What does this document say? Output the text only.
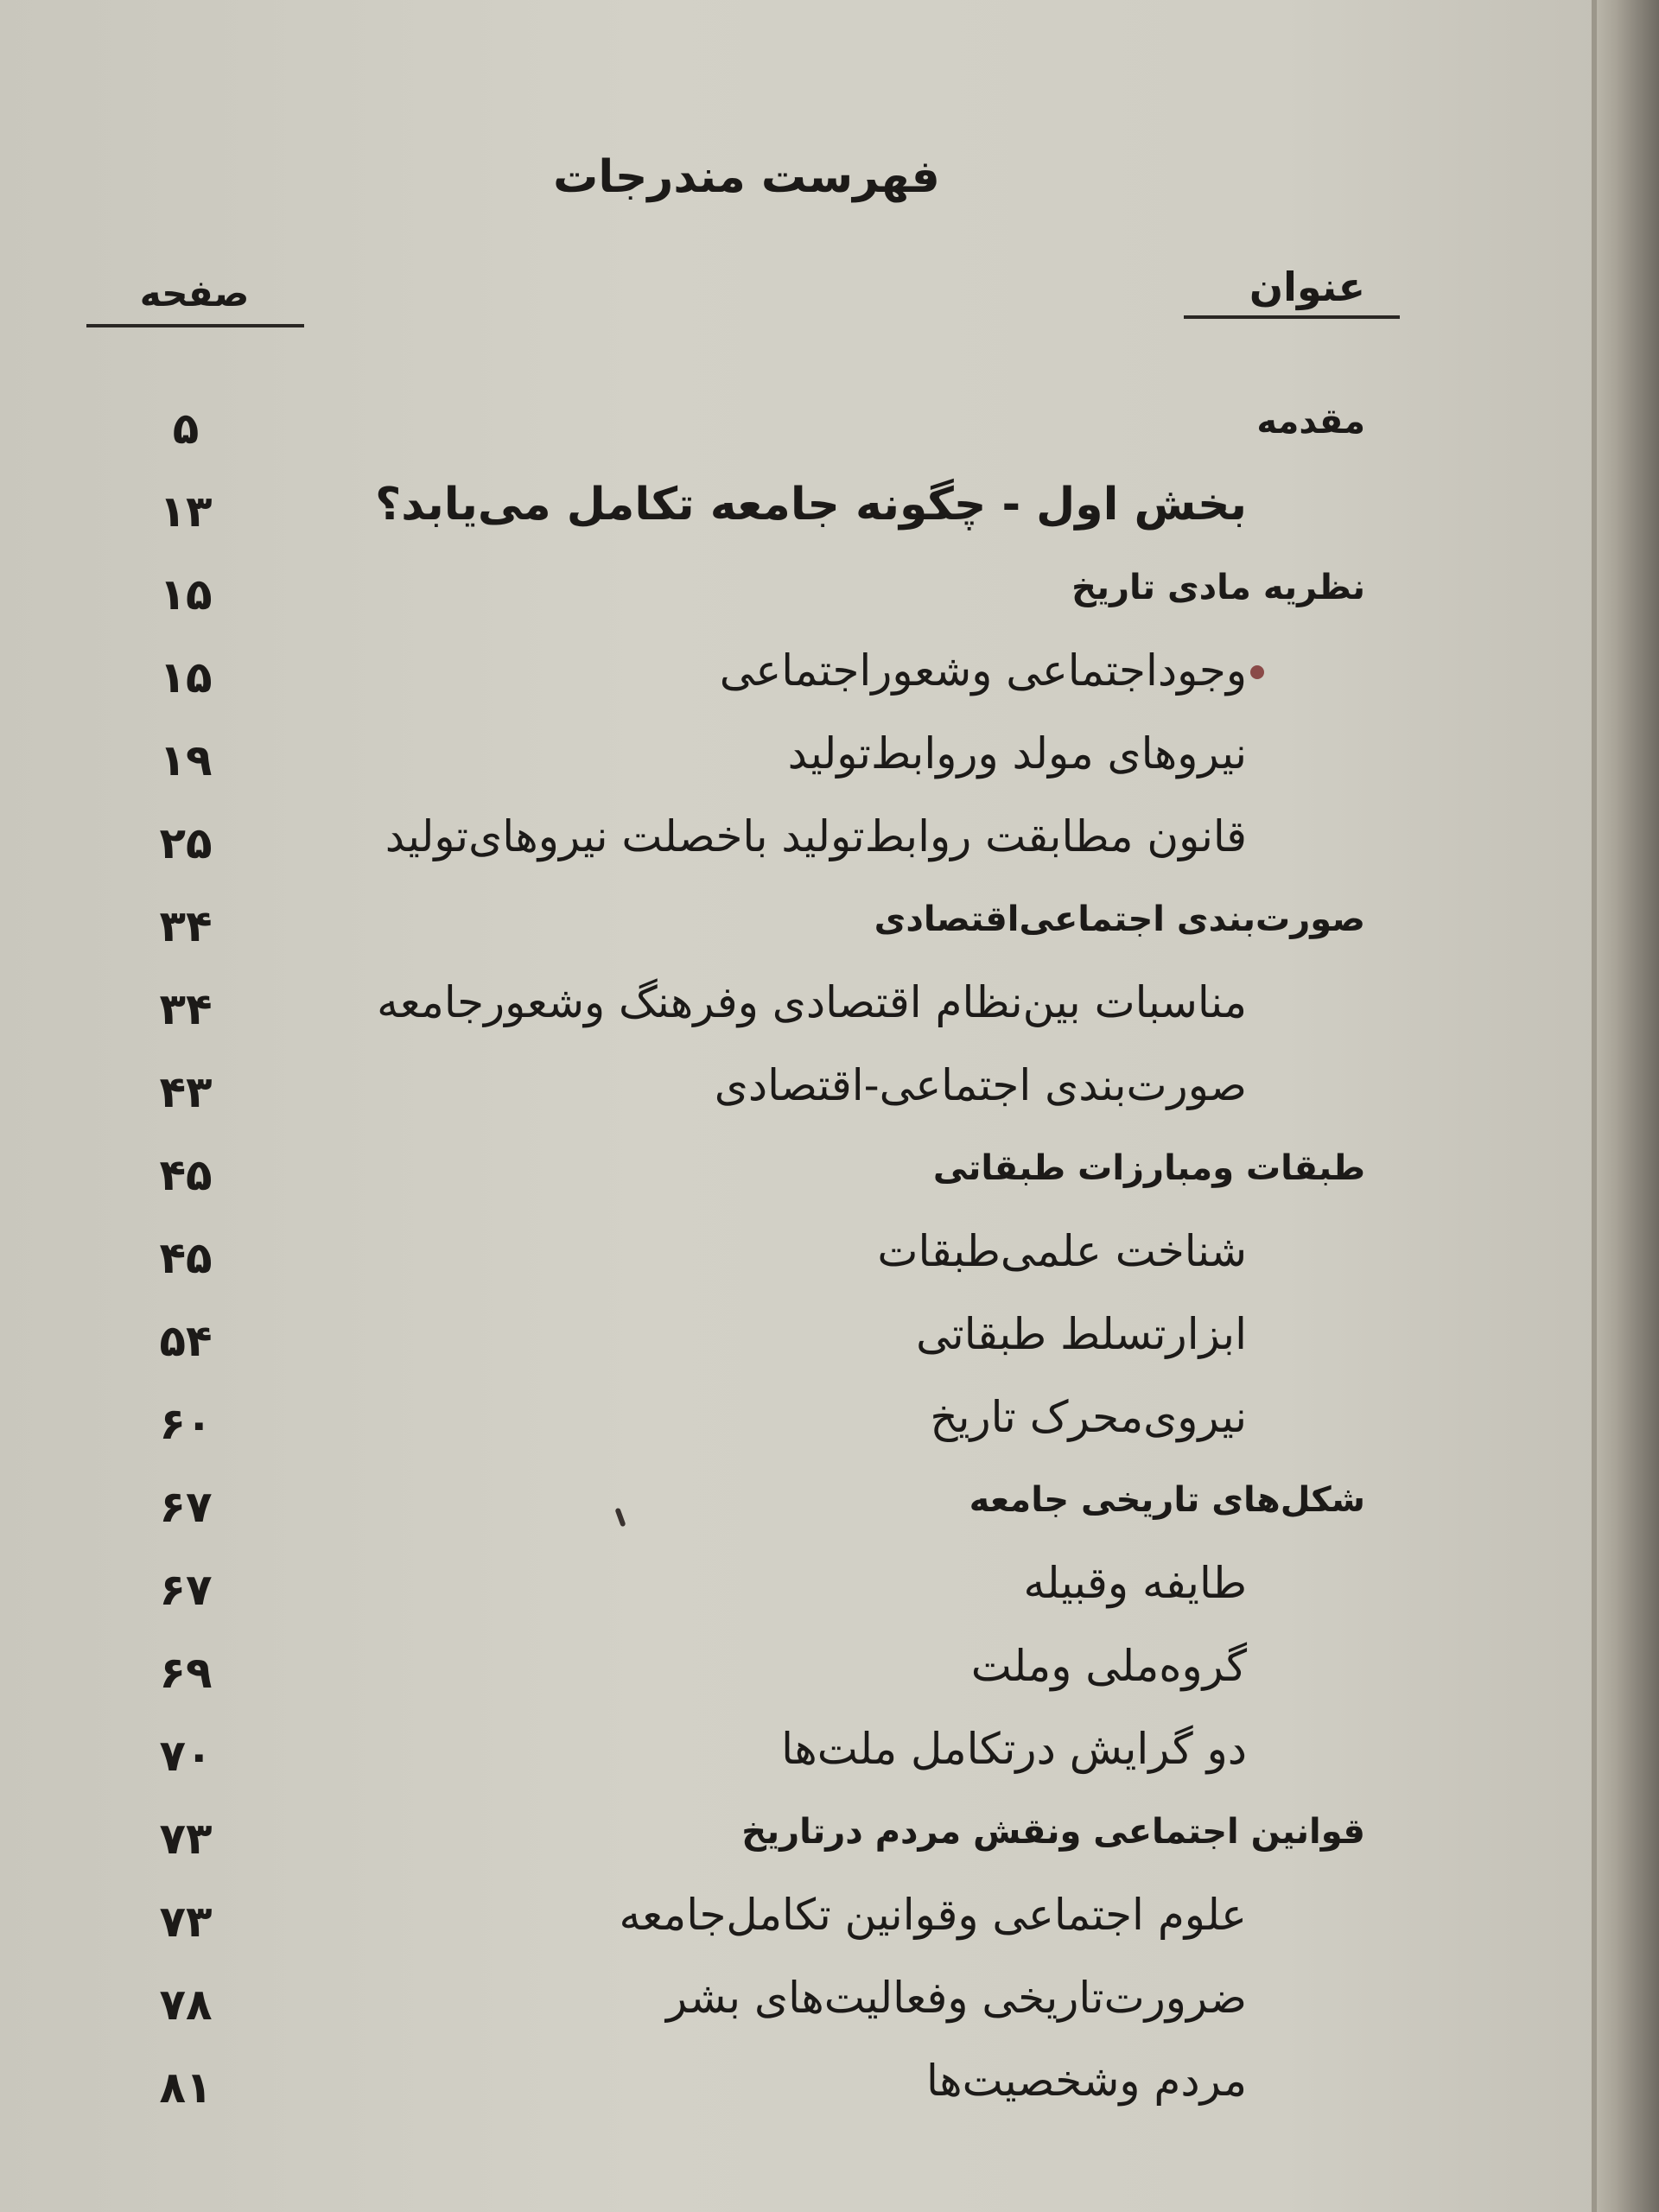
فهرست مندرجات
عنوان
صفحه
مقدمه
۵
بخش اول - چگونه جامعه تکامل می‌یابد؟
۱۳
نظریه مادی تاریخ
۱۵
وجوداجتماعی وشعوراجتماعی
۱۵
نیروهای مولد وروابط‌تولید
۱۹
قانون مطابقت روابط‌تولید باخصلت نیروهای‌تولید
۲۵
صورت‌بندی اجتماعی‌اقتصادی
۳۴
مناسبات بین‌نظام اقتصادی وفرهنگ وشعورجامعه
۳۴
صورت‌بندی اجتماعی-اقتصادی
۴۳
طبقات ومبارزات طبقاتی
۴۵
شناخت علمی‌طبقات
۴۵
ابزارتسلط طبقاتی
۵۴
نیروی‌محرک تاریخ
۶۰
شکل‌های تاریخی جامعه
۶۷
طایفه وقبیله
۶۷
گروه‌ملی وملت
۶۹
دو گرایش درتکامل ملت‌ها
۷۰
قوانین اجتماعی ونقش مردم درتاریخ
۷۳
علوم اجتماعی وقوانین تکامل‌جامعه
۷۳
ضرورت‌تاریخی وفعالیت‌های بشر
۷۸
مردم وشخصیت‌ها
۸۱
